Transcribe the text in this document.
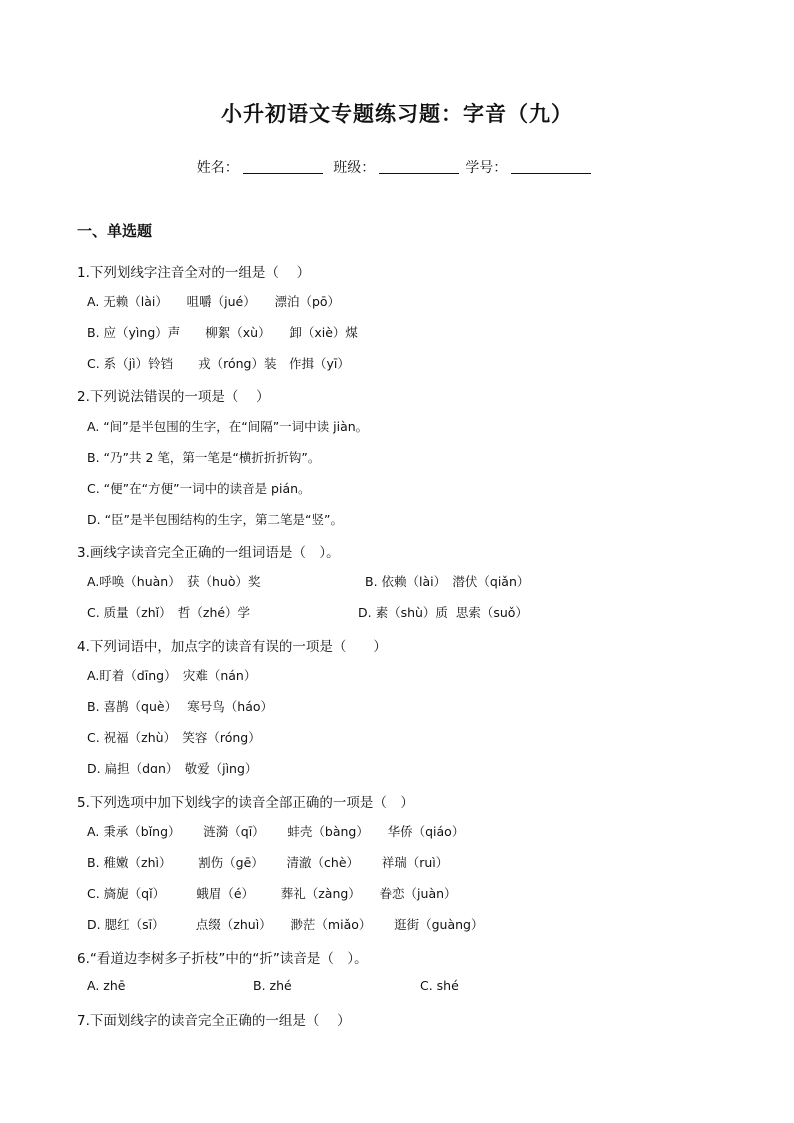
小升初语文专题练习题：字音（九）
姓名：	班级：	学号：
一、单选题
1.下列划线字注音全对的一组是（　 ）
A. 无赖（lài）　　咀嚼（jué）　　漂泊（pō）
B. 应（yìng）声　　柳絮（xù）　　卸（xiè）煤
C. 系（jì）铃铛　　戎（róng）装　作揖（yī）
2.下列说法错误的一项是（　 ）
A. “间”是半包围的生字，在“间隔”一词中读 jiàn。
B. “乃”共 2 笔，第一笔是“横折折折钩”。
C. “便”在“方便”一词中的读音是 pián。
D. “臣”是半包围结构的生字，第二笔是“竖”。
3.画线字读音完全正确的一组词语是（　）。
A.呼唤（huàn）　获（huò）奖	B. 依赖（lài）　潜伏（qiǎn）
C. 质量（zhǐ）　哲（zhé）学	D. 素（shù）质  思索（suǒ）
4.下列词语中，加点字的读音有误的一项是（　　）
A.盯着（dīng）　灾难（nán）
B. 喜鹊（què）　 寒号鸟（háo）
C. 祝福（zhù）　笑容（róng）
D. 扁担（dɑn）　敬爱（jìng）
5.下列选项中加下划线字的读音全部正确的一项是（　）
A. 秉承（bǐng）　　 涟漪（qī）　　 蚌壳（bàng）　　华侨（qiáo）
B. 稚嫩（zhì）　　  割伤（gē）　　 清澈（chè）　　 祥瑞（ruì）
C. 旖旎（qǐ）　　　蛾眉（é）　　  葬礼（zàng）　　眷恋（juàn）
D. 腮红（sī）　　　点缀（zhuì）　　渺茫（miǎo）　　 逛街（guàng）
6.“看道边李树多子折枝”中的“折”读音是（　）。
A. zhē	B. zhé	C. shé
7.下面划线字的读音完全正确的一组是（　 ）
